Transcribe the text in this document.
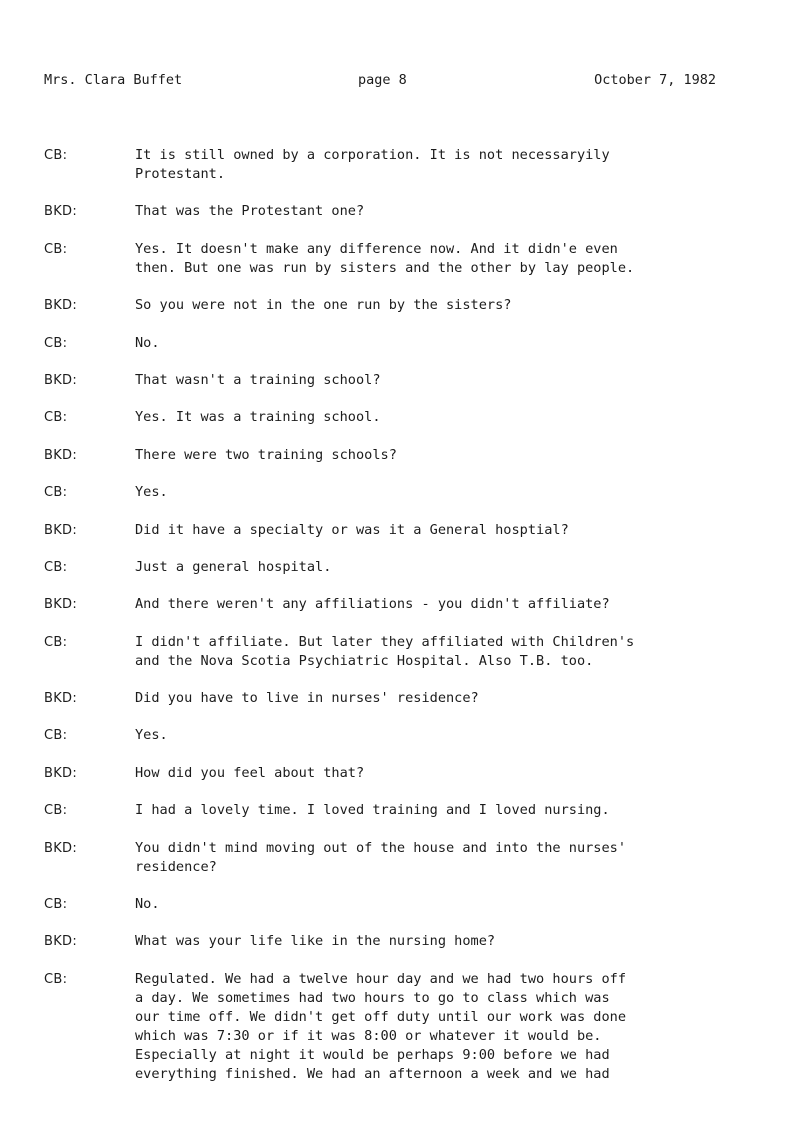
Mrs. Clara Buffet	page 8	October 7, 1982
CB:	It is still owned by a corporation. It is not necessaryily
Protestant.
BKD:	That was the Protestant one?
CB:	Yes. It doesn't make any difference now. And it didn'e even
then. But one was run by sisters and the other by lay people.
BKD:	So you were not in the one run by the sisters?
CB:	No.
BKD:	That wasn't a training school?
CB:	Yes. It was a training school.
BKD:	There were two training schools?
CB:	Yes.
BKD:	Did it have a specialty or was it a General hosptial?
CB:	Just a general hospital.
BKD:	And there weren't any affiliations - you didn't affiliate?
CB:	I didn't affiliate. But later they affiliated with Children's
and the Nova Scotia Psychiatric Hospital. Also T.B. too.
BKD:	Did you have to live in nurses' residence?
CB:	Yes.
BKD:	How did you feel about that?
CB:	I had a lovely time. I loved training and I loved nursing.
BKD:	You didn't mind moving out of the house and into the nurses'
residence?
CB:	No.
BKD:	What was your life like in the nursing home?
CB:	Regulated. We had a twelve hour day and we had two hours off
a day. We sometimes had two hours to go to class which was
our time off. We didn't get off duty until our work was done
which was 7:30 or if it was 8:00 or whatever it would be.
Especially at night it would be perhaps 9:00 before we had
everything finished. We had an afternoon a week and we had
